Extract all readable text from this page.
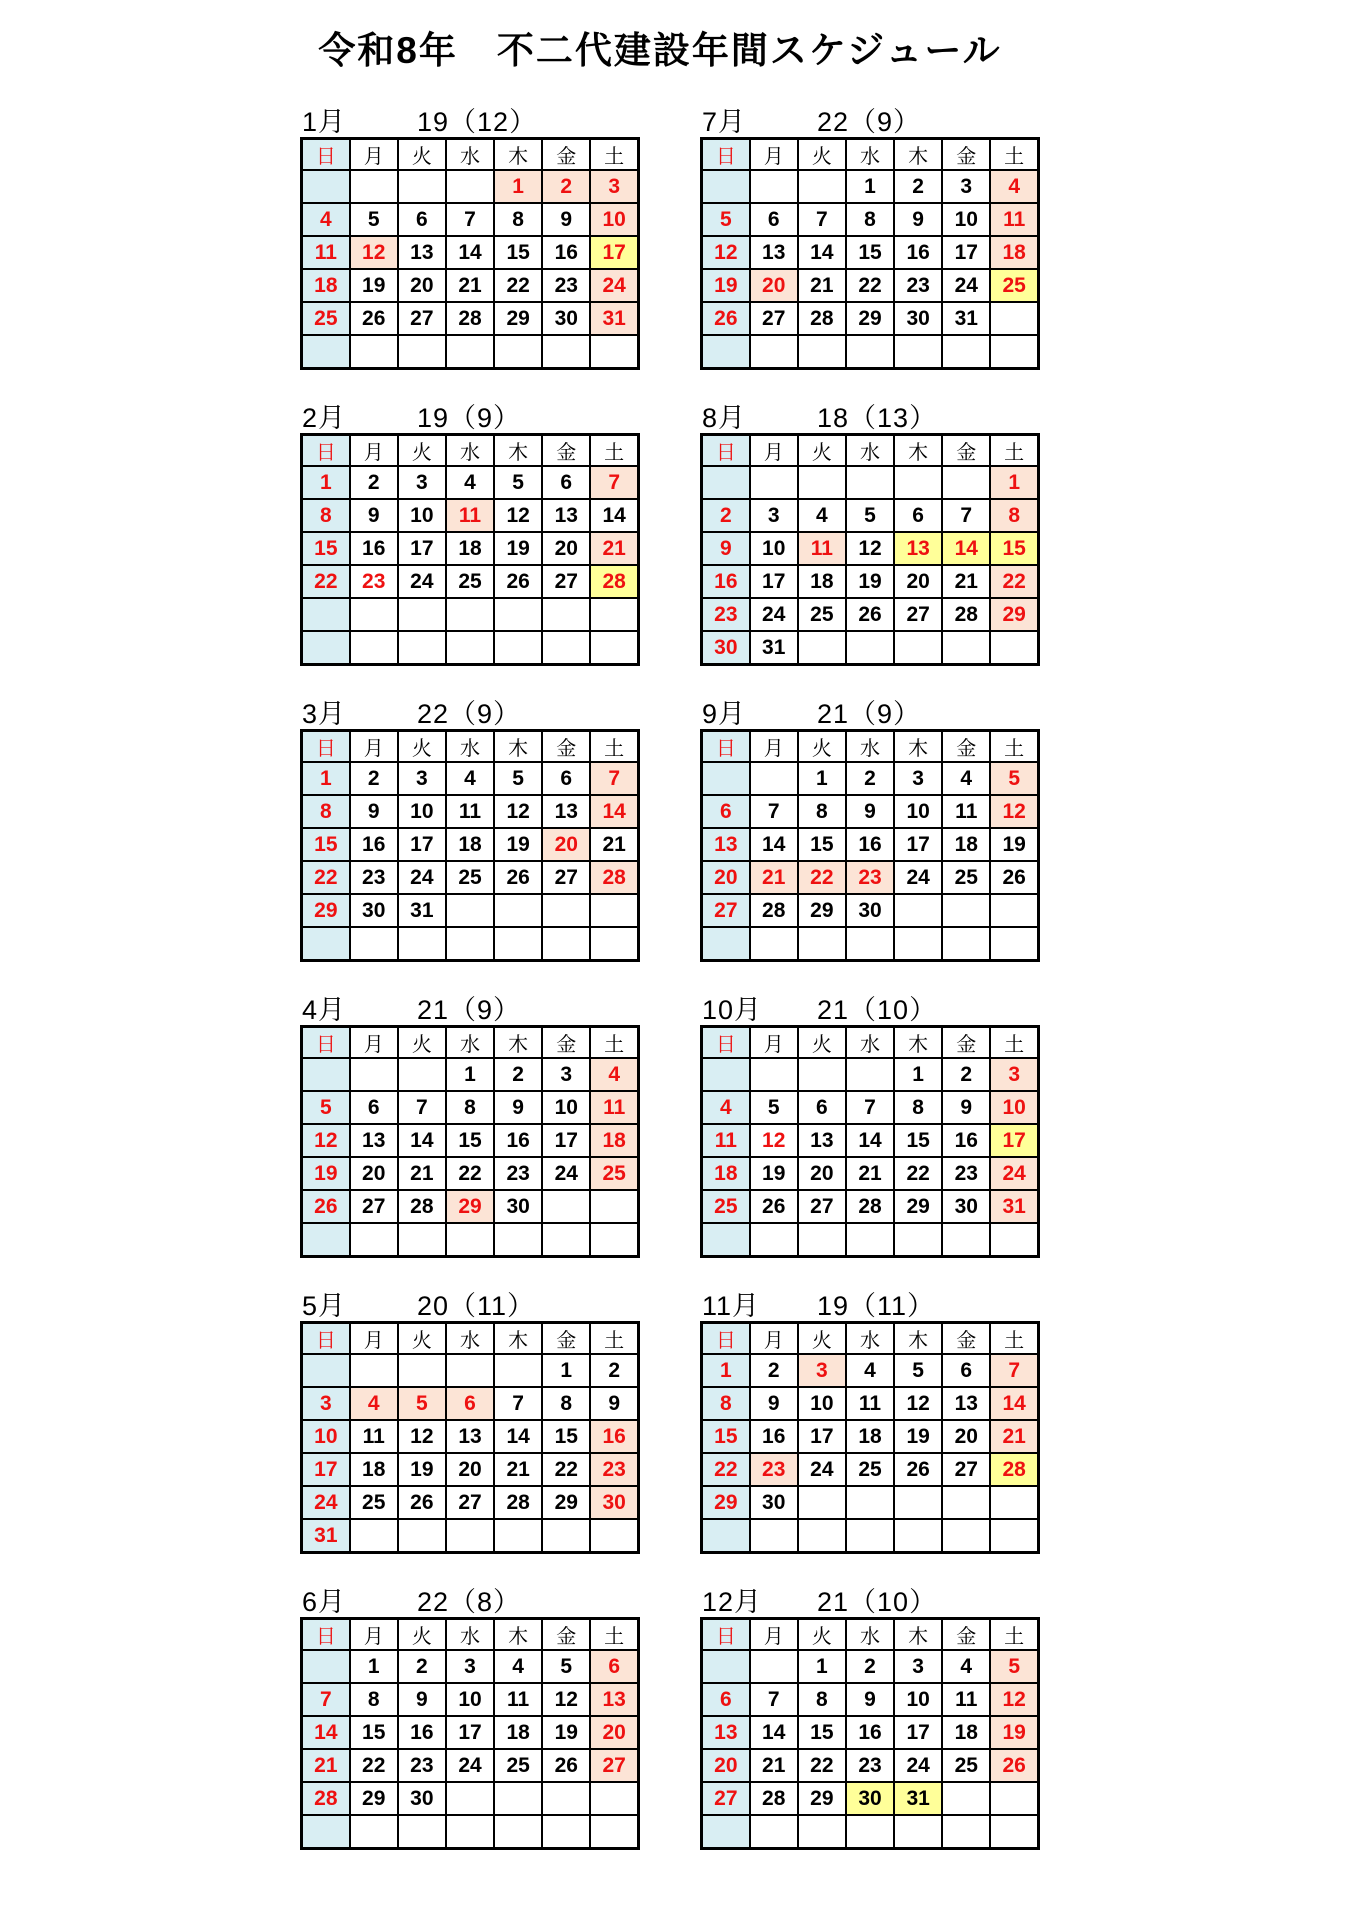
令和8年　不二代建設年間スケジュール
1月	19（12）
日	月	火	水	木	金	土
				1	2	3
4	5	6	7	8	9	10
11	12	13	14	15	16	17
18	19	20	21	22	23	24
25	26	27	28	29	30	31

2月	19（9）
日	月	火	水	木	金	土
1	2	3	4	5	6	7
8	9	10	11	12	13	14
15	16	17	18	19	20	21
22	23	24	25	26	27	28

3月	22（9）
日	月	火	水	木	金	土
1	2	3	4	5	6	7
8	9	10	11	12	13	14
15	16	17	18	19	20	21
22	23	24	25	26	27	28
29	30	31				

4月	21（9）
日	月	火	水	木	金	土
			1	2	3	4
5	6	7	8	9	10	11
12	13	14	15	16	17	18
19	20	21	22	23	24	25
26	27	28	29	30		

5月	20（11）
日	月	火	水	木	金	土
					1	2
3	4	5	6	7	8	9
10	11	12	13	14	15	16
17	18	19	20	21	22	23
24	25	26	27	28	29	30
31						
6月	22（8）
日	月	火	水	木	金	土
	1	2	3	4	5	6
7	8	9	10	11	12	13
14	15	16	17	18	19	20
21	22	23	24	25	26	27
28	29	30				

7月	22（9）
日	月	火	水	木	金	土
			1	2	3	4
5	6	7	8	9	10	11
12	13	14	15	16	17	18
19	20	21	22	23	24	25
26	27	28	29	30	31	

8月	18（13）
日	月	火	水	木	金	土
						1
2	3	4	5	6	7	8
9	10	11	12	13	14	15
16	17	18	19	20	21	22
23	24	25	26	27	28	29
30	31					
9月	21（9）
日	月	火	水	木	金	土
		1	2	3	4	5
6	7	8	9	10	11	12
13	14	15	16	17	18	19
20	21	22	23	24	25	26
27	28	29	30			

10月 21（10）
日	月	火	水	木	金	土
				1	2	3
4	5	6	7	8	9	10
11	12	13	14	15	16	17
18	19	20	21	22	23	24
25	26	27	28	29	30	31

11月 19（11）
日	月	火	水	木	金	土
1	2	3	4	5	6	7
8	9	10	11	12	13	14
15	16	17	18	19	20	21
22	23	24	25	26	27	28
29	30					

12月 21（10）
日	月	火	水	木	金	土
		1	2	3	4	5
6	7	8	9	10	11	12
13	14	15	16	17	18	19
20	21	22	23	24	25	26
27	28	29	30	31		
